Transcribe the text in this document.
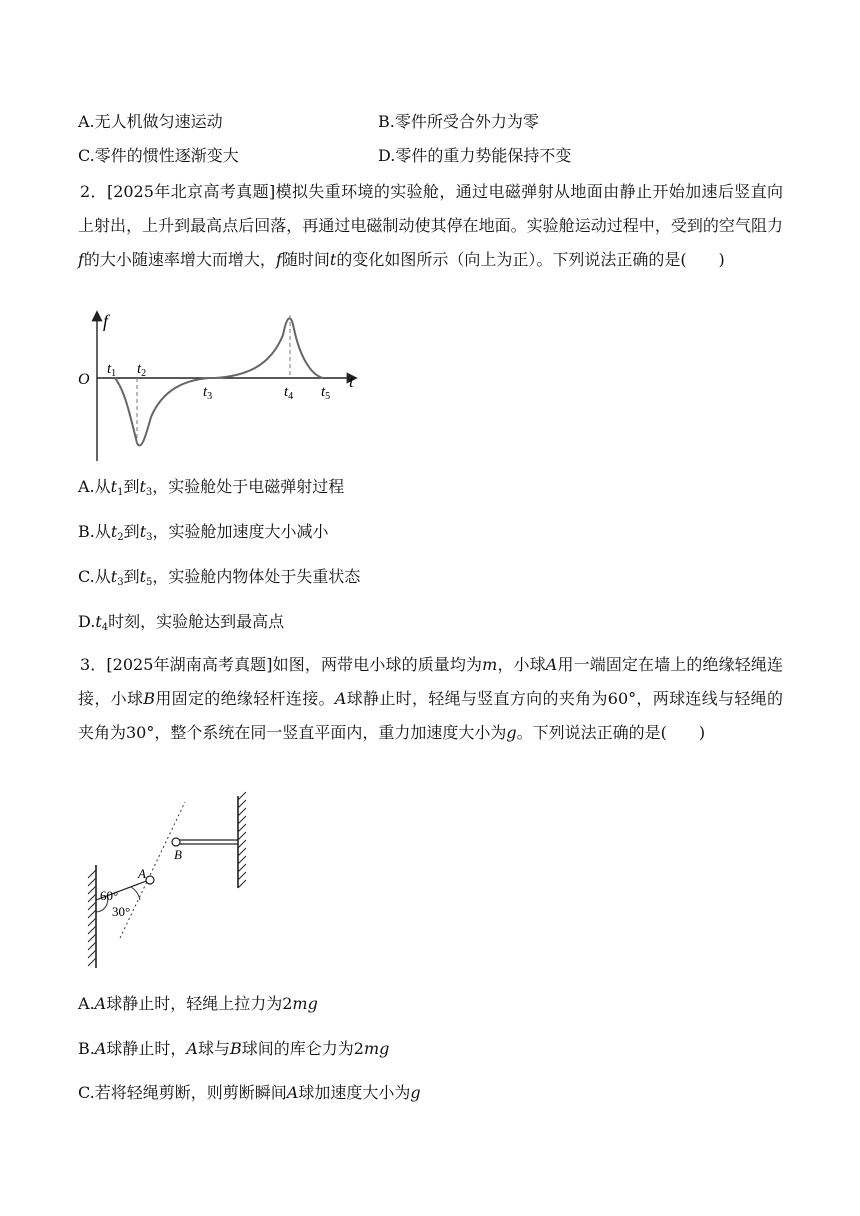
A.无人机做匀速运动	B.零件所受合外力为零
C.零件的惯性逐渐变大	D.零件的重力势能保持不变

2．[2025年北京高考真题]模拟失重环境的实验舱，通过电磁弹射从地面由静止开始加速后竖直向上射出，上升到最高点后回落，再通过电磁制动使其停在地面。实验舱运动过程中，受到的空气阻力f的大小随速率增大而增大，f随时间t的变化如图所示（向上为正）。下列说法正确的是(　　)

f
t
O
$t_1$ $t_2$
$t_3$	$t_4$ $t_5$
A.从$t_1$到$t_3$，实验舱处于电磁弹射过程
B.从$t_2$到$t_3$，实验舱加速度大小减小
C.从$t_3$到$t_5$，实验舱内物体处于失重状态
$D.t_4$时刻，实验舱达到最高点

3．[2025年湖南高考真题]如图，两带电小球的质量均为m，小球A用一端固定在墙上的绝缘轻绳连接，小球B用固定的绝缘轻杆连接。A球静止时，轻绳与竖直方向的夹角为60°，两球连线与轻绳的夹角为30°，整个系统在同一竖直平面内，重力加速度大小为g。下列说法正确的是(　　)

A
B
60°
30°
A.A球静止时，轻绳上拉力为2mg
B.A球静止时，A球与B球间的库仑力为2mg
C.若将轻绳剪断，则剪断瞬间A球加速度大小为g
